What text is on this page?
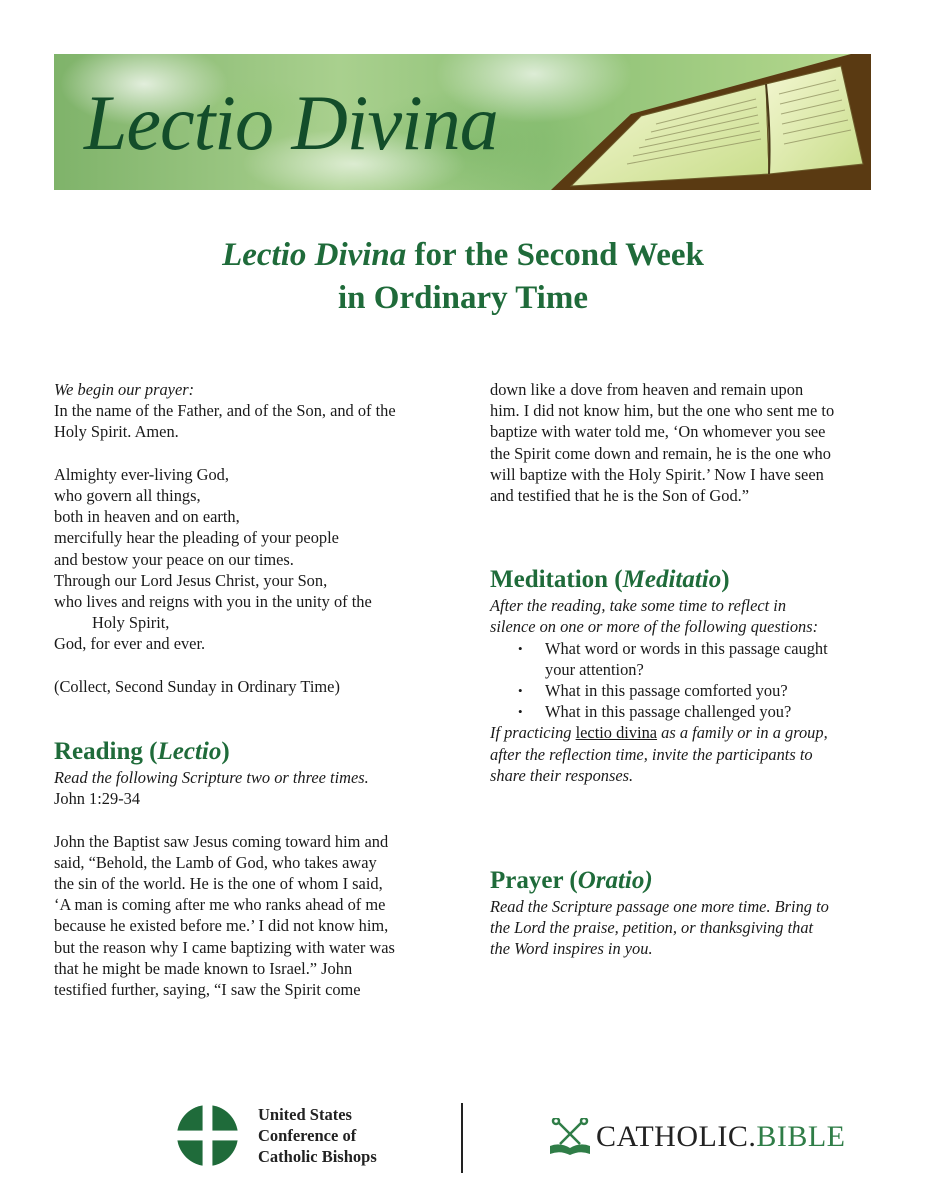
Lectio Divina
Lectio Divina for the Second Week
in Ordinary Time
We begin our prayer:
In the name of the Father, and of the Son, and of the
Holy Spirit. Amen.
Almighty ever-living God,
who govern all things,
both in heaven and on earth,
mercifully hear the pleading of your people
and bestow your peace on our times.
Through our Lord Jesus Christ, your Son,
who lives and reigns with you in the unity of the
Holy Spirit,
God, for ever and ever.
(Collect, Second Sunday in Ordinary Time)
Reading (Lectio)
Read the following Scripture two or three times.
John 1:29-34
John the Baptist saw Jesus coming toward him and
said, “Behold, the Lamb of God, who takes away
the sin of the world. He is the one of whom I said,
‘A man is coming after me who ranks ahead of me
because he existed before me.’ I did not know him,
but the reason why I came baptizing with water was
that he might be made known to Israel.” John
testified further, saying, “I saw the Spirit come
down like a dove from heaven and remain upon
him. I did not know him, but the one who sent me to
baptize with water told me, ‘On whomever you see
the Spirit come down and remain, he is the one who
will baptize with the Holy Spirit.’ Now I have seen
and testified that he is the Son of God.”
Meditation (Meditatio)
After the reading, take some time to reflect in
silence on one or more of the following questions:
• What word or words in this passage caught
your attention?
• What in this passage comforted you?
• What in this passage challenged you?
If practicing lectio divina as a family or in a group,
after the reflection time, invite the participants to
share their responses.
Prayer (Oratio)
Read the Scripture passage one more time. Bring to
the Lord the praise, petition, or thanksgiving that
the Word inspires in you.
United States
Conference of
Catholic Bishops
CATHOLIC.BIBLE
